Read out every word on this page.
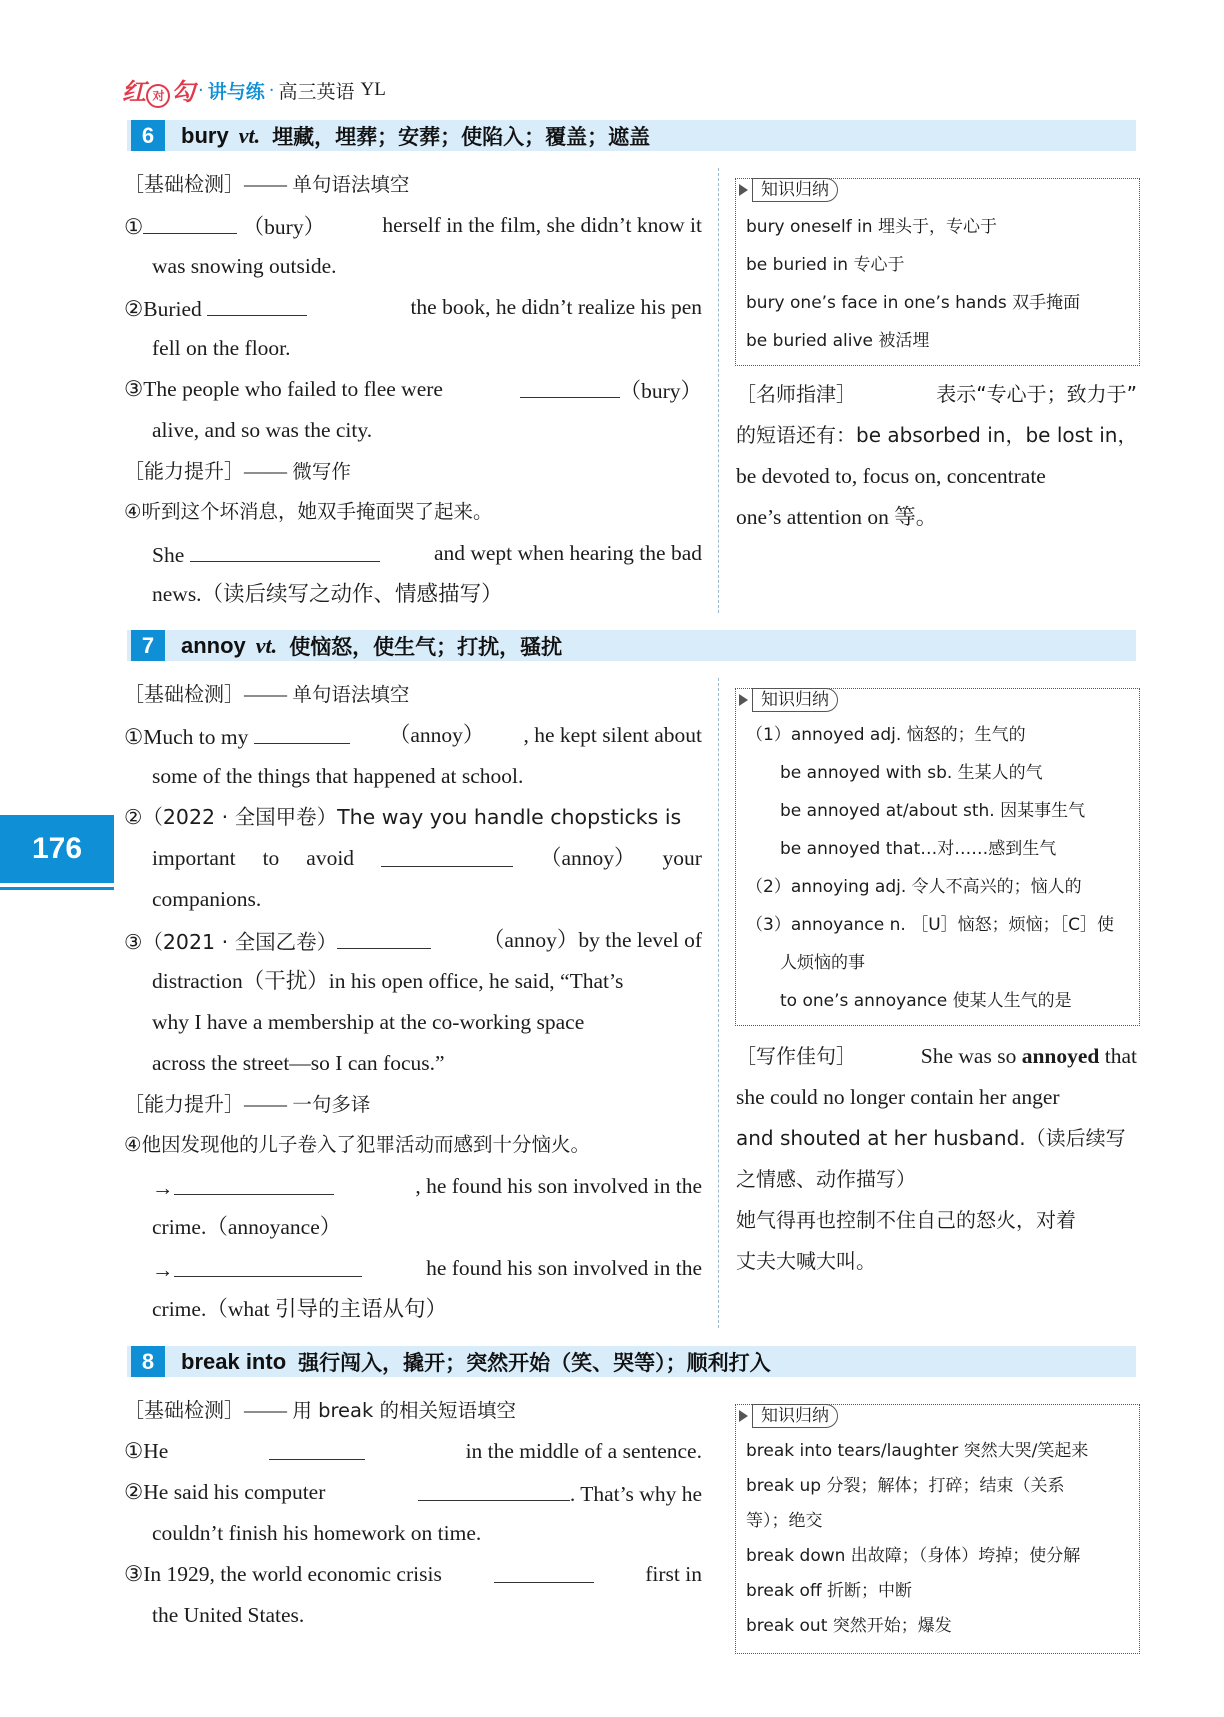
红 对 勾 · 讲与练 · 高三英语 YL
176
6	bury vt. 埋藏，埋葬；安葬；使陷入；覆盖；遮盖
［基础检测］—— 单句语法填空
①	（bury）	herself in the film, she didn’t know it
was snowing outside.
②Buried	the book, he didn’t realize his pen
fell on the floor.
③The people who failed to flee were	（bury）
alive, and so was the city.
［能力提升］—— 微写作
④听到这个坏消息，她双手掩面哭了起来。
She	and wept when hearing the bad
news.（读后续写之动作、情感描写）
知识归纳
bury oneself in 埋头于，专心于
be buried in 专心于
bury one’s face in one’s hands 双手掩面
be buried alive 被活埋
［名师指津］	表示“专心于；致力于”
的短语还有：be absorbed in，be lost in，
be devoted to, focus on, concentrate
one’s attention on 等。
7	annoy vt. 使恼怒，使生气；打扰，骚扰
［基础检测］—— 单句语法填空
①Much to my	（annoy） , he kept silent about
some of the things that happened at school.
②（2022 · 全国甲卷）The way you handle chopsticks is
important to avoid	（annoy） your
companions.
③（2021 · 全国乙卷）	（annoy）by the level of
distraction（干扰）in his open office, he said, “That’s
why I have a membership at the co-working space
across the street—so I can focus.”
［能力提升］—— 一句多译
④他因发现他的儿子卷入了犯罪活动而感到十分恼火。
→	, he found his son involved in the
crime.（annoyance）
→	he found his son involved in the
crime.（what 引导的主语从句）
知识归纳
（1）annoyed adj. 恼怒的；生气的
be annoyed with sb. 生某人的气
be annoyed at/about sth. 因某事生气
be annoyed that…对……感到生气
（2）annoying adj. 令人不高兴的；恼人的
（3）annoyance n. ［U］恼怒；烦恼；［C］使
人烦恼的事
to one’s annoyance 使某人生气的是
［写作佳句］	She was so annoyed that
she could no longer contain her anger
and shouted at her husband.（读后续写
之情感、动作描写）
她气得再也控制不住自己的怒火，对着
丈夫大喊大叫。
8	break into 强行闯入，撬开；突然开始（笑、哭等）；顺利打入
［基础检测］—— 用 break 的相关短语填空
①He	in the middle of a sentence.
②He said his computer	. That’s why he
couldn’t finish his homework on time.
③In 1929, the world economic crisis	first in
the United States.
知识归纳
break into tears/laughter 突然大哭/笑起来
break up 分裂；解体；打碎；结束（关系
等）；绝交
break down 出故障；（身体）垮掉；使分解
break off 折断；中断
break out 突然开始；爆发
